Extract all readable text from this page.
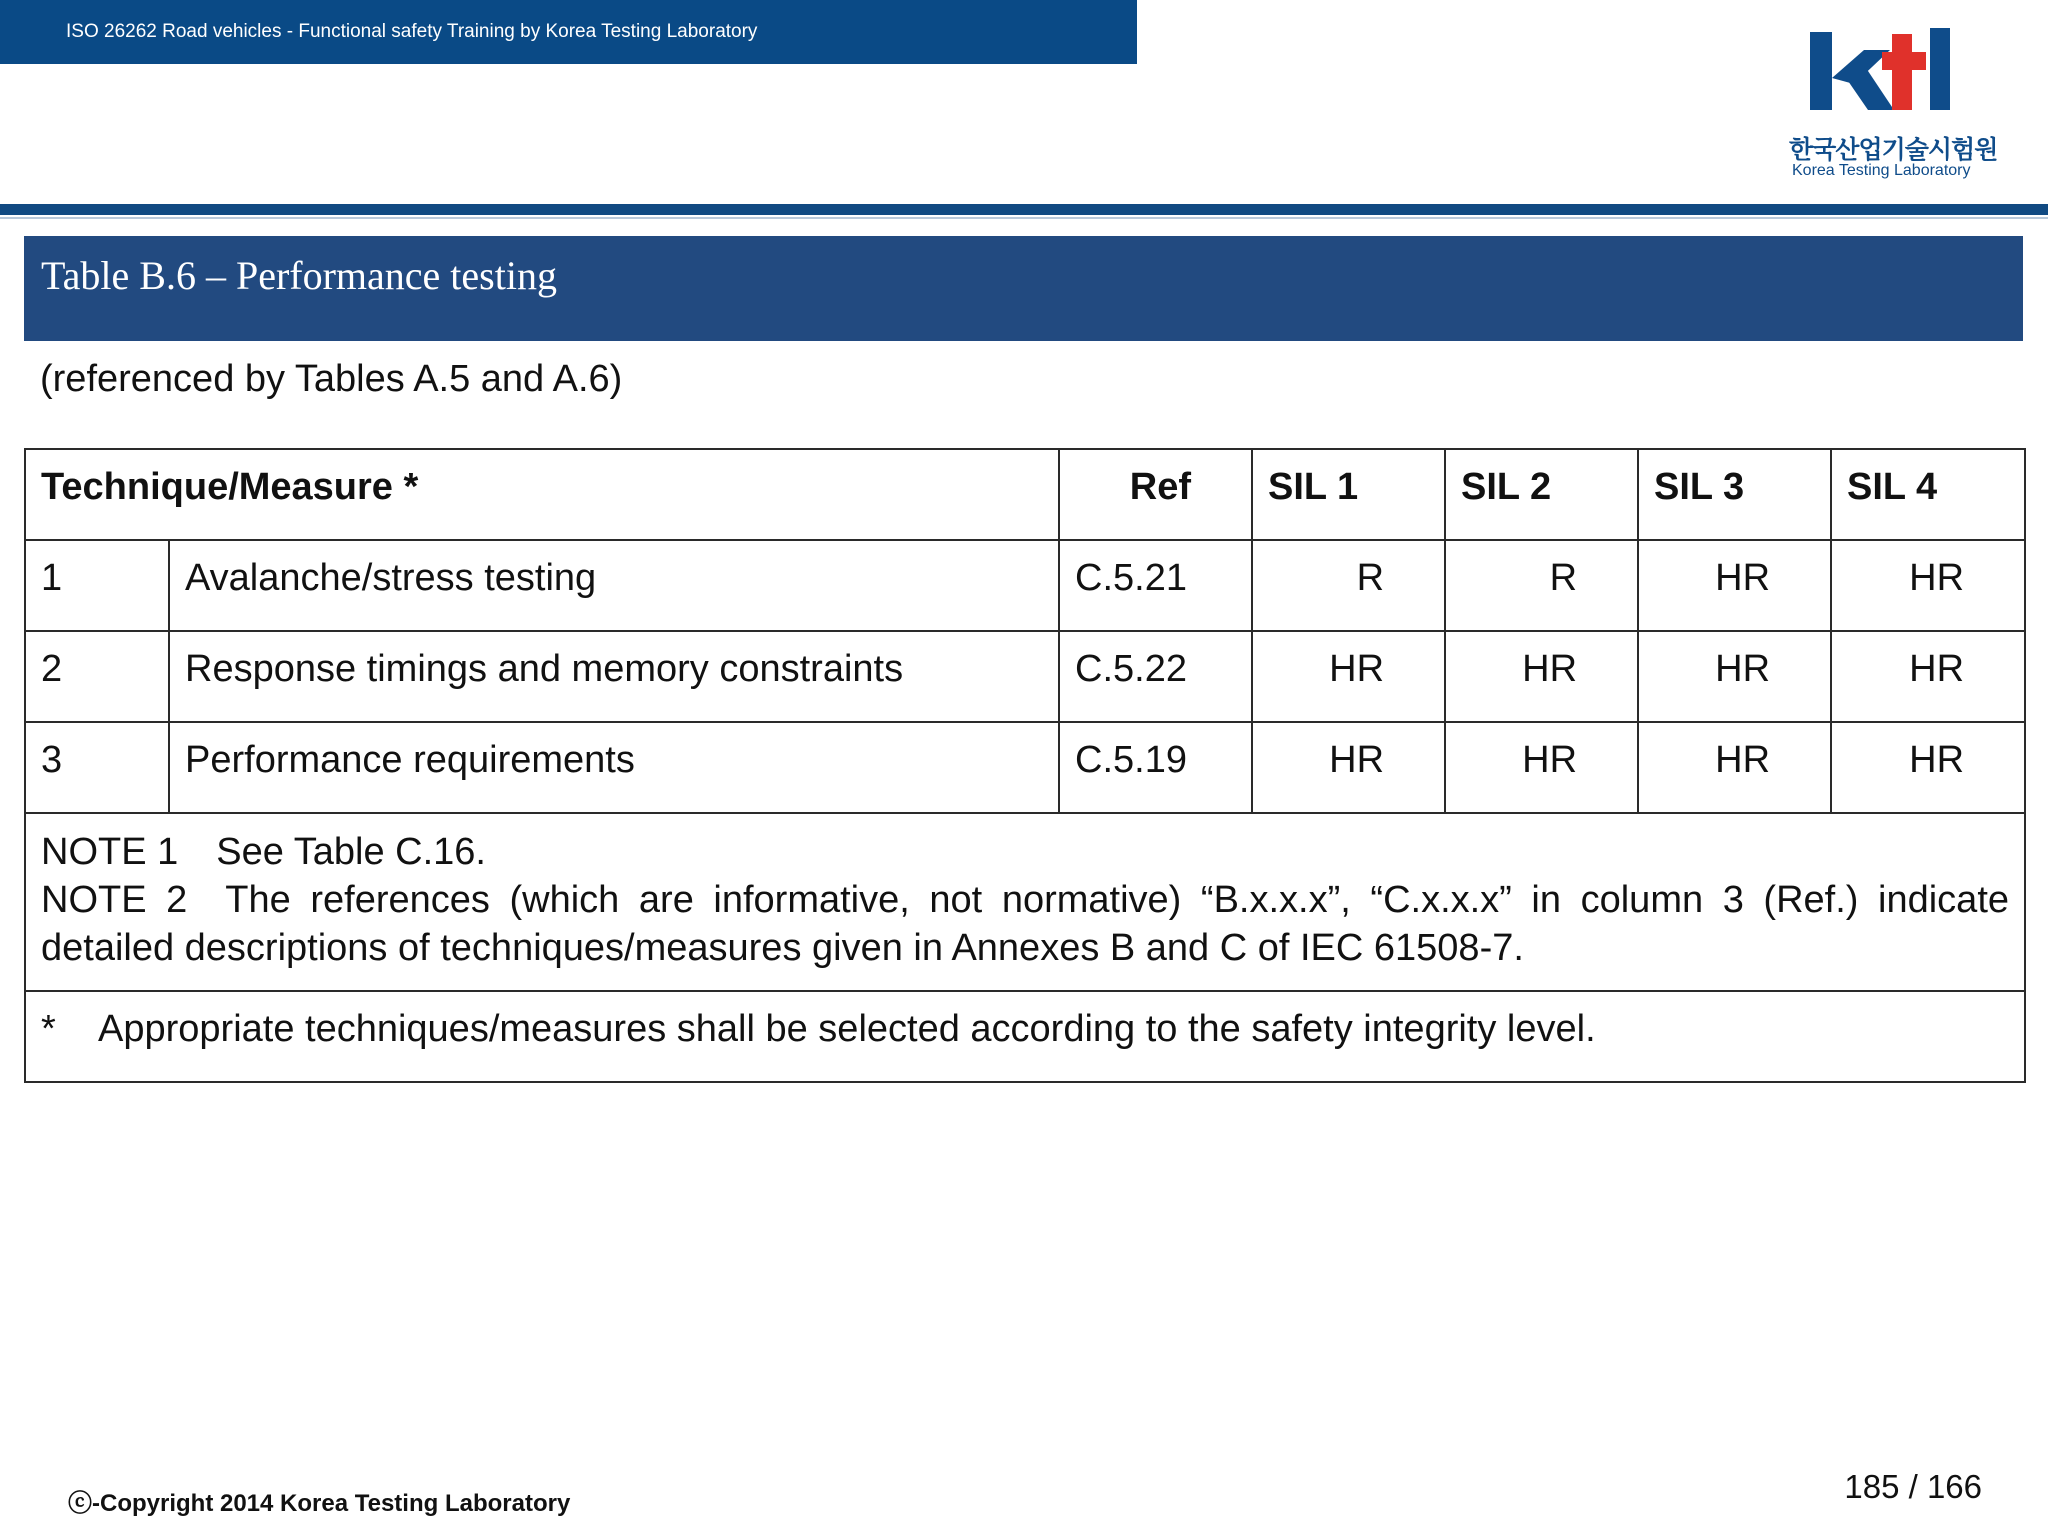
ISO 26262 Road vehicles - Functional safety Training by Korea Testing Laboratory
한국산업기술시험원
Korea Testing Laboratory
Table B.6 – Performance testing
(referenced by Tables A.5 and A.6)
Technique/Measure *		Ref	SIL 1	SIL 2	SIL 3	SIL 4
1	Avalanche/stress testing	C.5.21	R	R	HR	HR
2	Response timings and memory constraints	C.5.22	HR	HR	HR	HR
3	Performance requirements	C.5.19	HR	HR	HR	HR

NOTE 1 See Table C.16.
NOTE 2 The references (which are informative, not normative) “B.x.x.x”, “C.x.x.x” in column 3 (Ref.) indicate detailed descriptions of techniques/measures given in Annexes B and C of IEC 61508-7.						

* Appropriate techniques/measures shall be selected according to the safety integrity level.						
ⓒ-Copyright 2014 Korea Testing Laboratory	185 / 166
